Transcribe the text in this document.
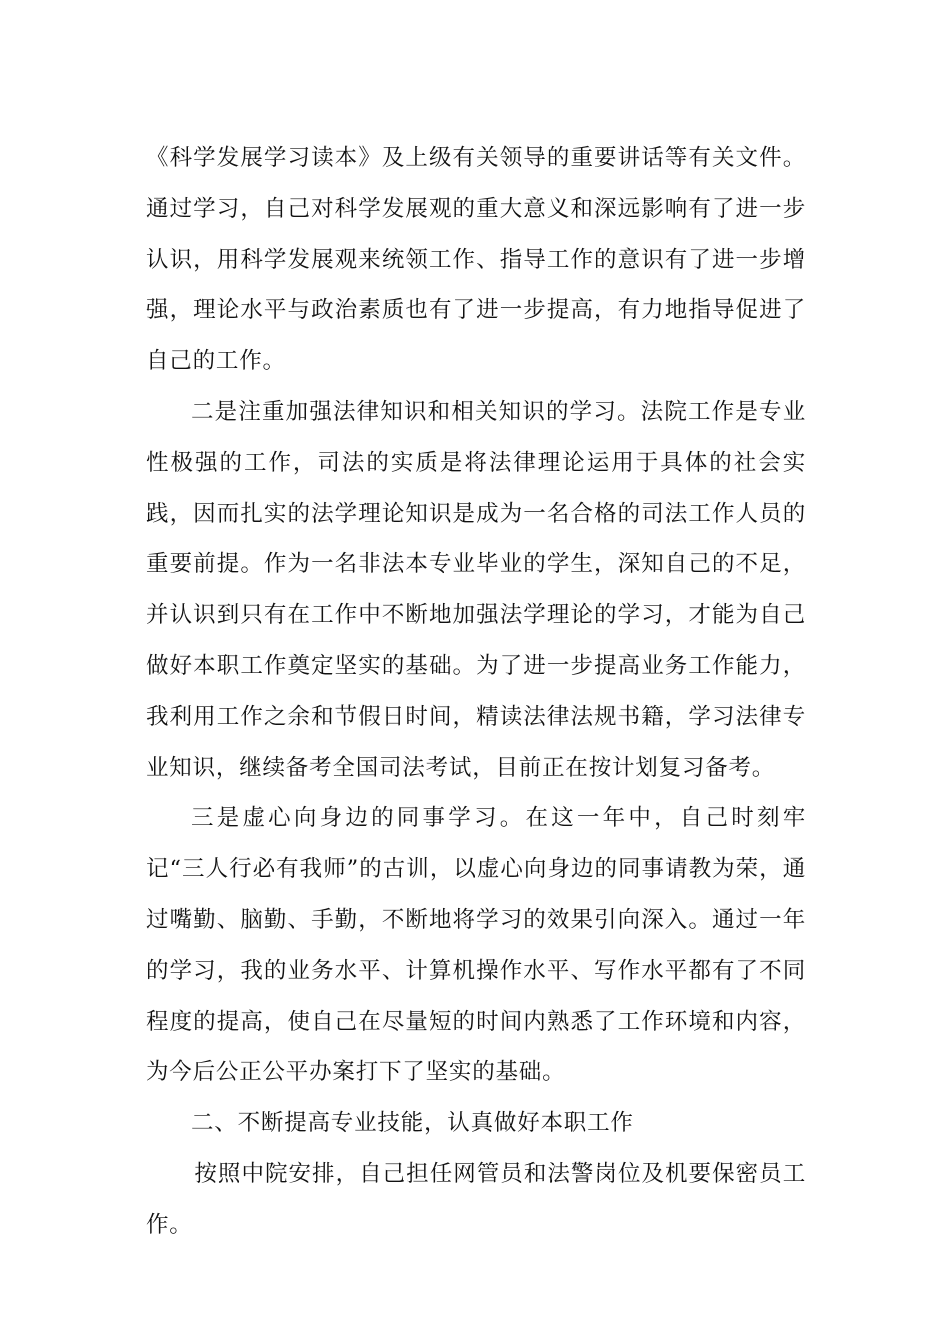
《科学发展学习读本》及上级有关领导的重要讲话等有关文件。通过学习，自己对科学发展观的重大意义和深远影响有了进一步认识，用科学发展观来统领工作、指导工作的意识有了进一步增强，理论水平与政治素质也有了进一步提高，有力地指导促进了自己的工作。

二是注重加强法律知识和相关知识的学习。法院工作是专业性极强的工作，司法的实质是将法律理论运用于具体的社会实践，因而扎实的法学理论知识是成为一名合格的司法工作人员的重要前提。作为一名非法本专业毕业的学生，深知自己的不足，并认识到只有在工作中不断地加强法学理论的学习，才能为自己做好本职工作奠定坚实的基础。为了进一步提高业务工作能力，我利用工作之余和节假日时间，精读法律法规书籍，学习法律专业知识，继续备考全国司法考试，目前正在按计划复习备考。

三是虚心向身边的同事学习。在这一年中，自己时刻牢记“三人行必有我师”的古训，以虚心向身边的同事请教为荣，通过嘴勤、脑勤、手勤，不断地将学习的效果引向深入。通过一年的学习，我的业务水平、计算机操作水平、写作水平都有了不同程度的提高，使自己在尽量短的时间内熟悉了工作环境和内容，为今后公正公平办案打下了坚实的基础。

二、不断提高专业技能，认真做好本职工作

按照中院安排，自己担任网管员和法警岗位及机要保密员工作。
